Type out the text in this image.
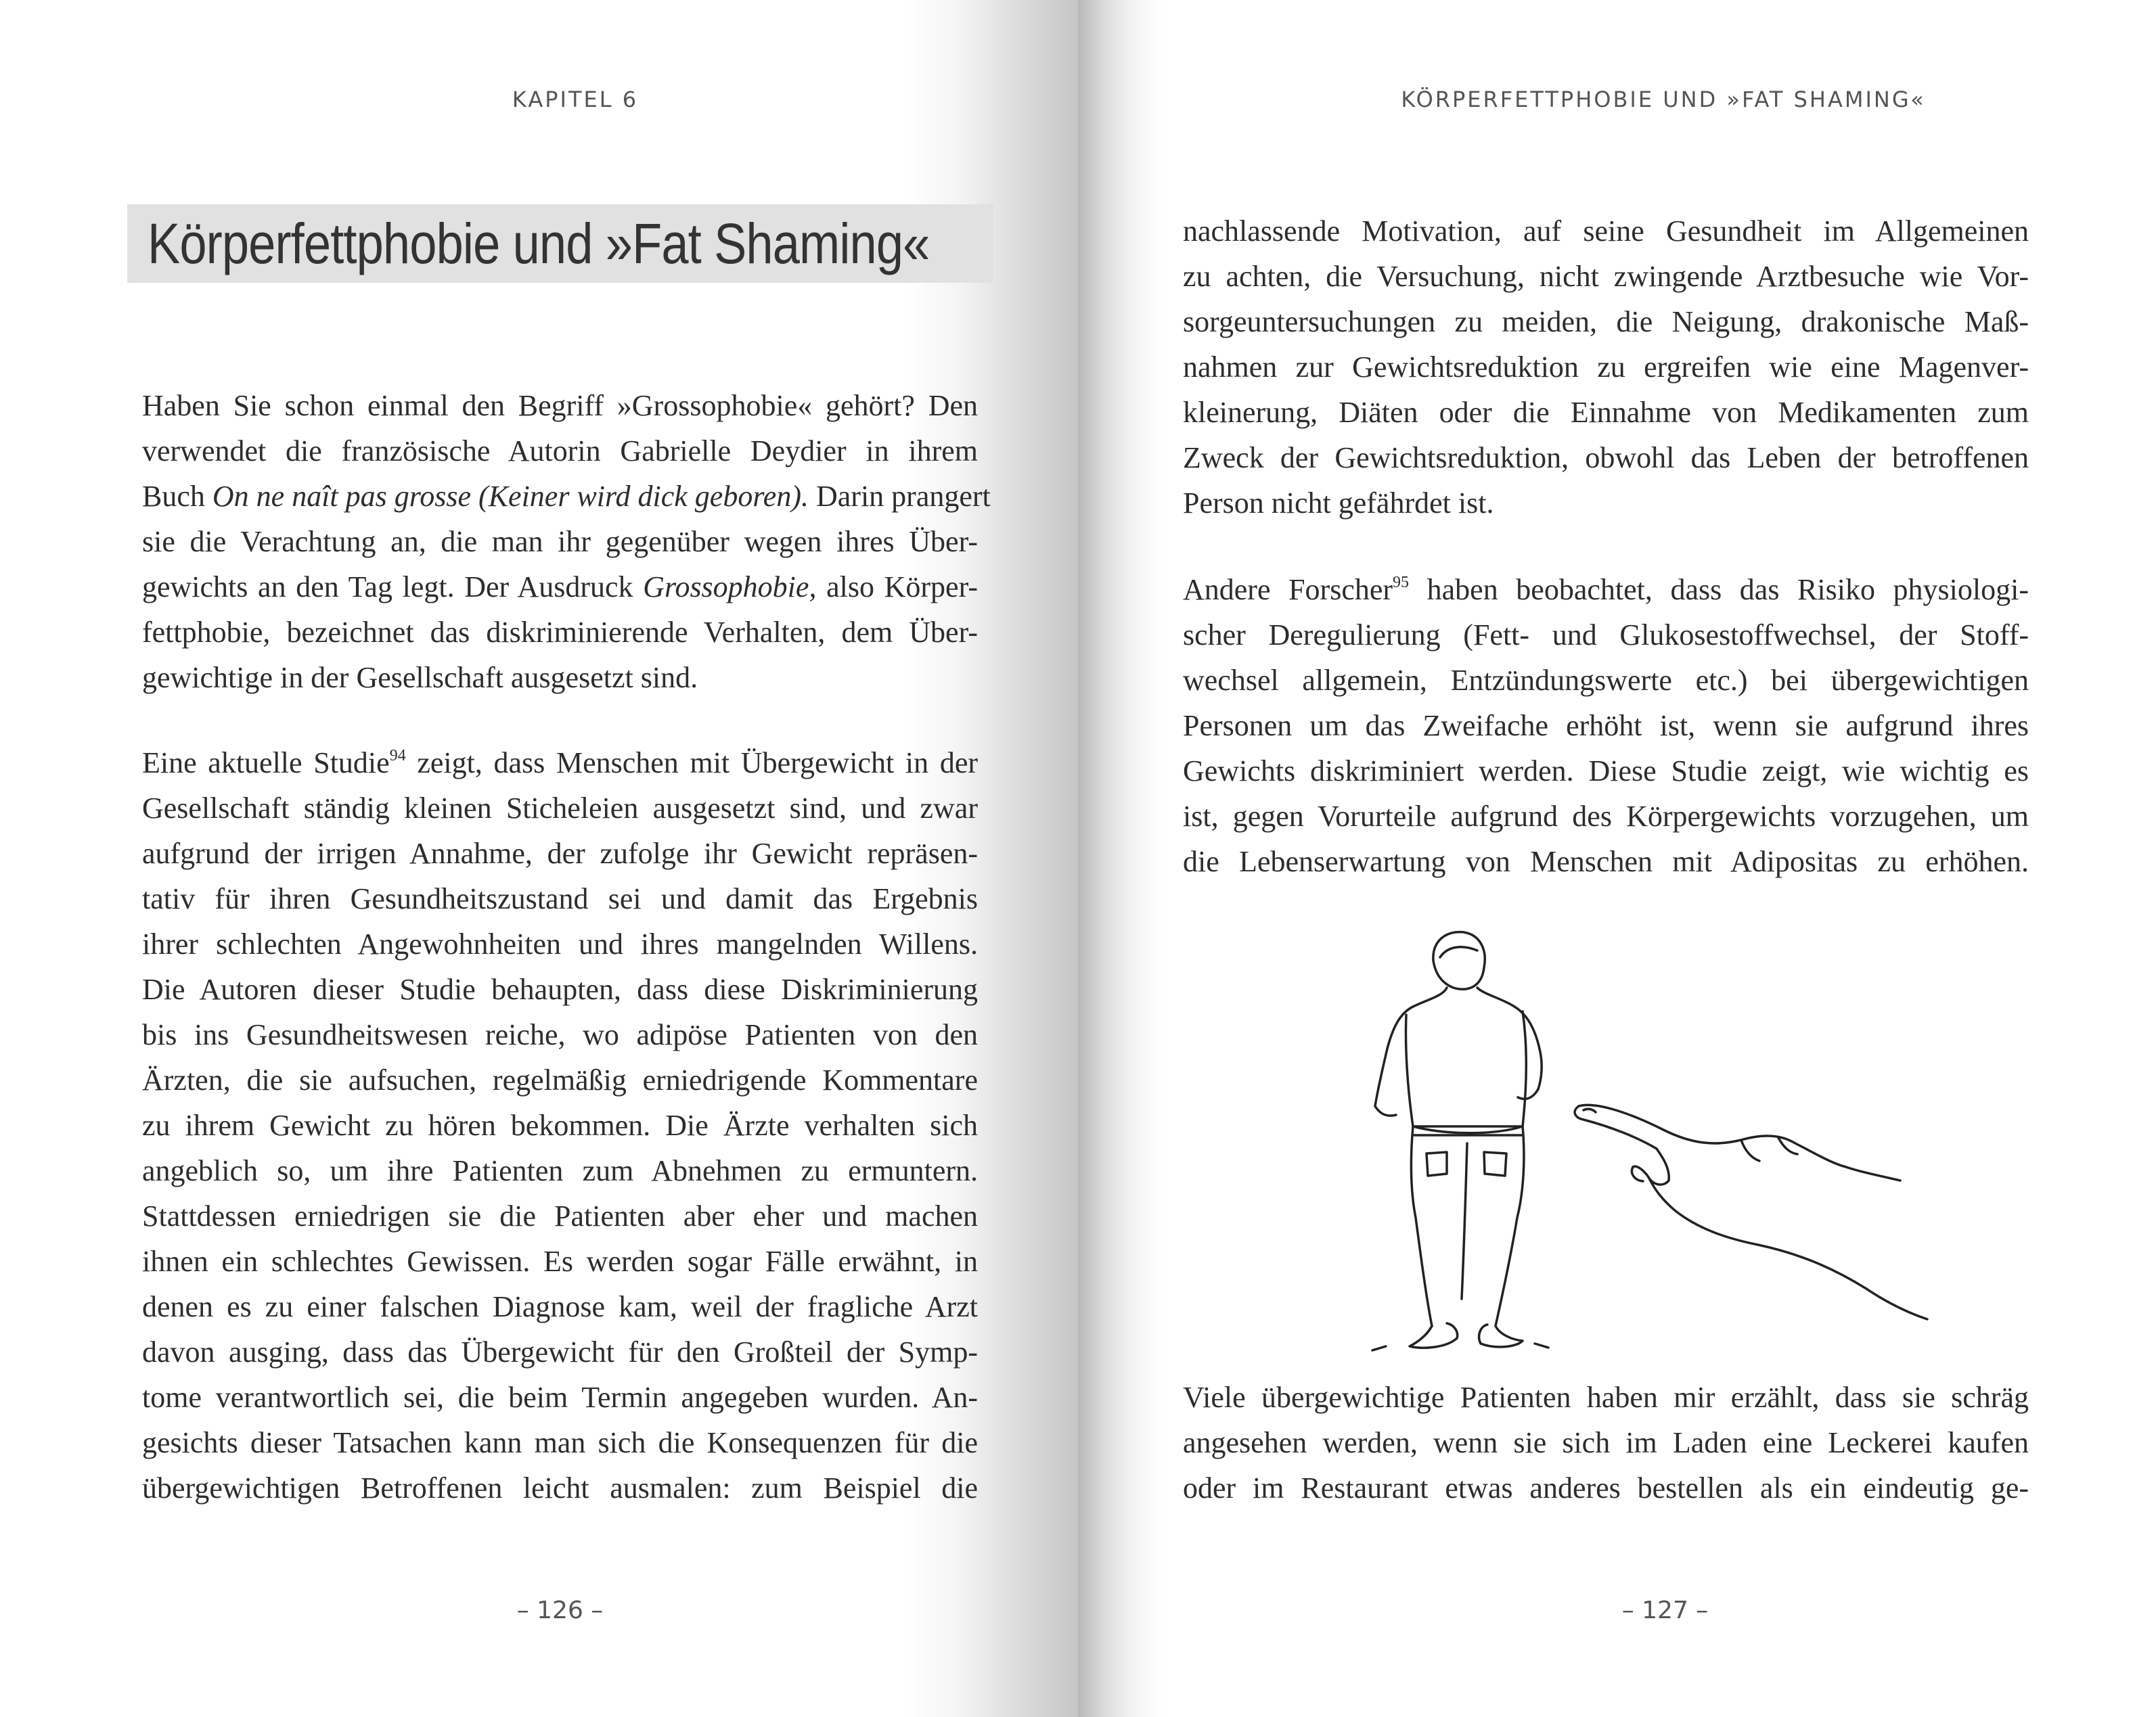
KAPITEL 6
Körperfettphobie und »Fat Shaming«
Haben Sie schon einmal den Begriff »Grossophobie« gehört? Den
verwendet die französische Autorin Gabrielle Deydier in ihrem
Buch On ne naît pas grosse (Keiner wird dick geboren). Darin prangert
sie die Verachtung an, die man ihr gegenüber wegen ihres Über-
gewichts an den Tag legt. Der Ausdruck Grossophobie, also Körper-
fettphobie, bezeichnet das diskriminierende Verhalten, dem Über-
gewichtige in der Gesellschaft ausgesetzt sind.
Eine aktuelle Studie$^{94}$ zeigt, dass Menschen mit Übergewicht in der
Gesellschaft ständig kleinen Sticheleien ausgesetzt sind, und zwar
aufgrund der irrigen Annahme, der zufolge ihr Gewicht repräsen-
tativ für ihren Gesundheitszustand sei und damit das Ergebnis
ihrer schlechten Angewohnheiten und ihres mangelnden Willens.
Die Autoren dieser Studie behaupten, dass diese Diskriminierung
bis ins Gesundheitswesen reiche, wo adipöse Patienten von den
Ärzten, die sie aufsuchen, regelmäßig erniedrigende Kommentare
zu ihrem Gewicht zu hören bekommen. Die Ärzte verhalten sich
angeblich so, um ihre Patienten zum Abnehmen zu ermuntern.
Stattdessen erniedrigen sie die Patienten aber eher und machen
ihnen ein schlechtes Gewissen. Es werden sogar Fälle erwähnt, in
denen es zu einer falschen Diagnose kam, weil der fragliche Arzt
davon ausging, dass das Übergewicht für den Großteil der Symp-
tome verantwortlich sei, die beim Termin angegeben wurden. An-
gesichts dieser Tatsachen kann man sich die Konsequenzen für die
übergewichtigen Betroffenen leicht ausmalen: zum Beispiel die
– 126 –
KÖRPERFETTPHOBIE UND »FAT SHAMING«
nachlassende Motivation, auf seine Gesundheit im Allgemeinen
zu achten, die Versuchung, nicht zwingende Arztbesuche wie Vor-
sorgeuntersuchungen zu meiden, die Neigung, drakonische Maß-
nahmen zur Gewichtsreduktion zu ergreifen wie eine Magenver-
kleinerung, Diäten oder die Einnahme von Medikamenten zum
Zweck der Gewichtsreduktion, obwohl das Leben der betroffenen
Person nicht gefährdet ist.
Andere Forscher$^{95}$ haben beobachtet, dass das Risiko physiologi-
scher Deregulierung (Fett- und Glukosestoffwechsel, der Stoff-
wechsel allgemein, Entzündungswerte etc.) bei übergewichtigen
Personen um das Zweifache erhöht ist, wenn sie aufgrund ihres
Gewichts diskriminiert werden. Diese Studie zeigt, wie wichtig es
ist, gegen Vorurteile aufgrund des Körpergewichts vorzugehen, um
die Lebenserwartung von Menschen mit Adipositas zu erhöhen.
Viele übergewichtige Patienten haben mir erzählt, dass sie schräg
angesehen werden, wenn sie sich im Laden eine Leckerei kaufen
oder im Restaurant etwas anderes bestellen als ein eindeutig ge-
– 127 –
